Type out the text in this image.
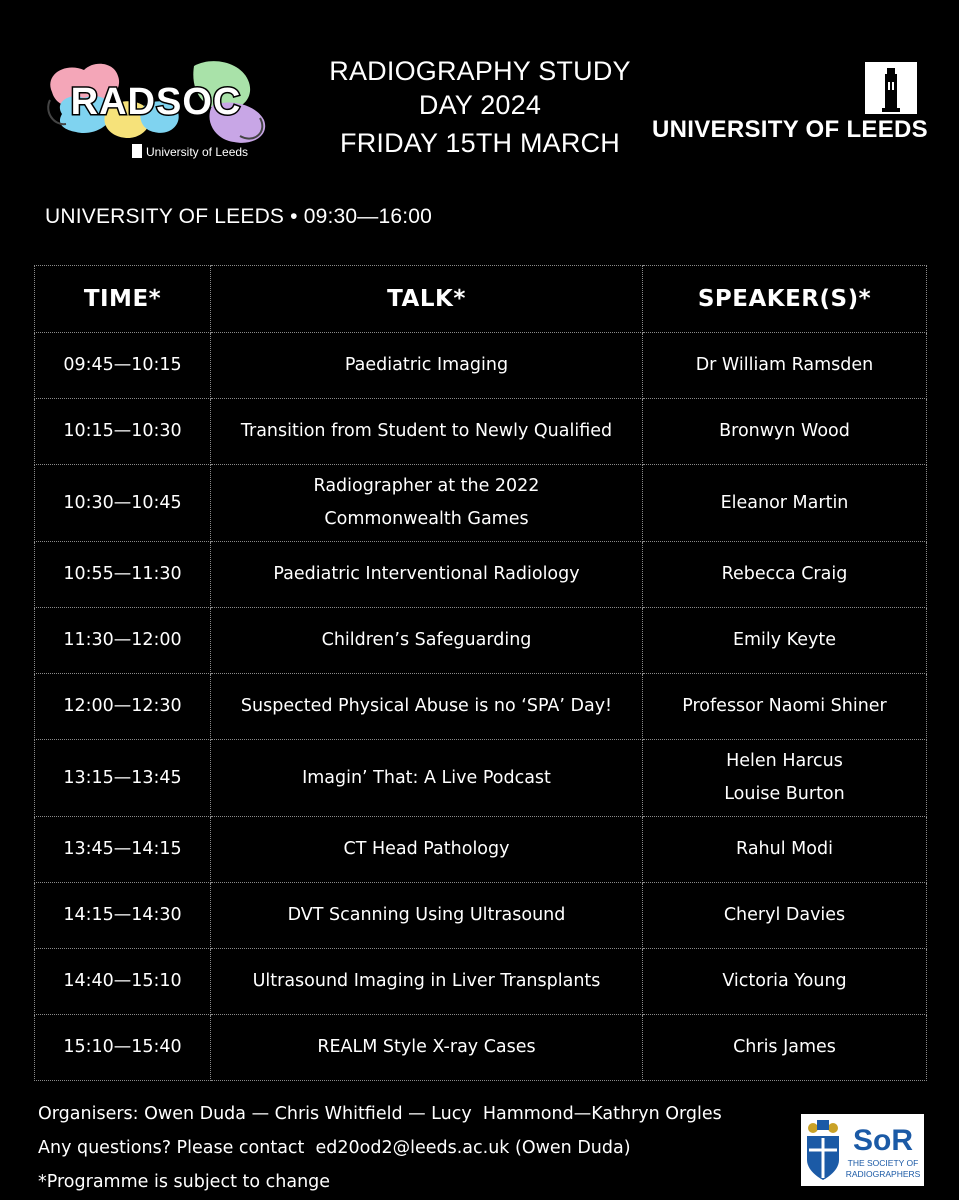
RADSOC
University of Leeds
RADIOGRAPHY STUDY
DAY 2024
FRIDAY 15TH MARCH	UNIVERSITY OF LEEDS
UNIVERSITY OF LEEDS • 09:30—16:00
TIME*	TALK*	SPEAKER(S)*
09:45—10:15	Paediatric Imaging	Dr William Ramsden

10:15—10:30	Transition from Student to Newly Qualified	Bronwyn Wood

10:30—10:45	Radiographer at the 2022
Commonwealth Games	Eleanor Martin

10:55—11:30	Paediatric Interventional Radiology	Rebecca Craig

11:30—12:00	Children’s Safeguarding	Emily Keyte

12:00—12:30	Suspected Physical Abuse is no ‘SPA’ Day!	Professor Naomi Shiner

13:15—13:45	Imagin’ That: A Live Podcast	Helen Harcus
Louise Burton

13:45—14:15	CT Head Pathology	Rahul Modi

14:15—14:30	DVT Scanning Using Ultrasound	Cheryl Davies

14:40—15:10	Ultrasound Imaging in Liver Transplants	Victoria Young

15:10—15:40	REALM Style X-ray Cases	Chris James
Organisers: Owen Duda — Chris Whitfield — Lucy  Hammond—Kathryn Orgles
Any questions? Please contact  ed20od2@leeds.ac.uk (Owen Duda)
*Programme is subject to change
SoR
THE SOCIETY OF
RADIOGRAPHERS
